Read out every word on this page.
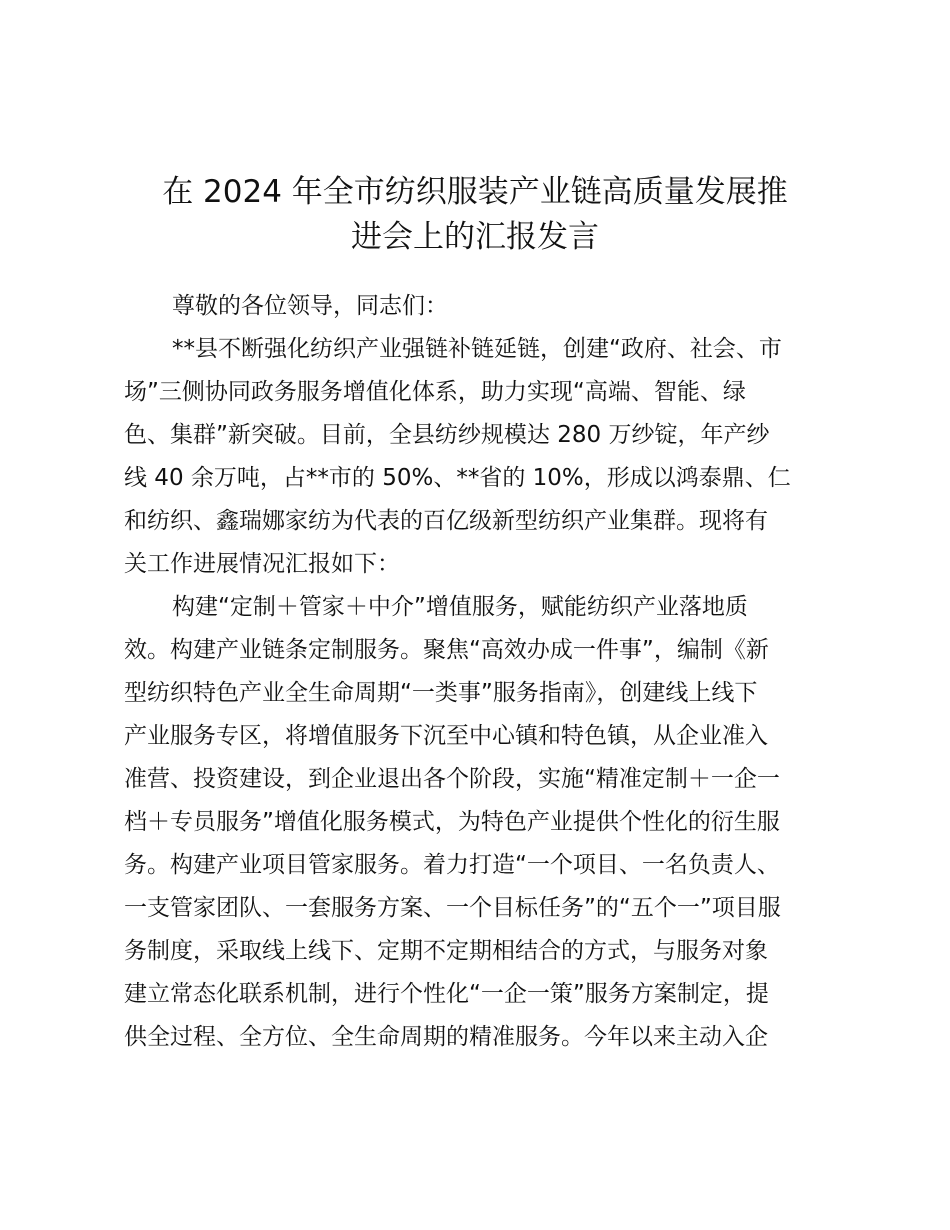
在 2024 年全市纺织服装产业链高质量发展推
进会上的汇报发言
尊敬的各位领导，同志们：
**县不断强化纺织产业强链补链延链，创建“政府、社会、市
场”三侧协同政务服务增值化体系，助力实现“高端、智能、绿
色、集群”新突破。目前，全县纺纱规模达 280 万纱锭，年产纱
线 40 余万吨，占**市的 50%、**省的 10%，形成以鸿泰鼎、仁
和纺织、鑫瑞娜家纺为代表的百亿级新型纺织产业集群。现将有
关工作进展情况汇报如下：
构建“定制＋管家＋中介”增值服务，赋能纺织产业落地质
效。构建产业链条定制服务。聚焦“高效办成一件事”，编制《新
型纺织特色产业全生命周期“一类事”服务指南》，创建线上线下
产业服务专区，将增值服务下沉至中心镇和特色镇，从企业准入
准营、投资建设，到企业退出各个阶段，实施“精准定制＋一企一
档＋专员服务”增值化服务模式，为特色产业提供个性化的衍生服
务。构建产业项目管家服务。着力打造“一个项目、一名负责人、
一支管家团队、一套服务方案、一个目标任务”的“五个一”项目服
务制度，采取线上线下、定期不定期相结合的方式，与服务对象
建立常态化联系机制，进行个性化“一企一策”服务方案制定，提
供全过程、全方位、全生命周期的精准服务。今年以来主动入企
